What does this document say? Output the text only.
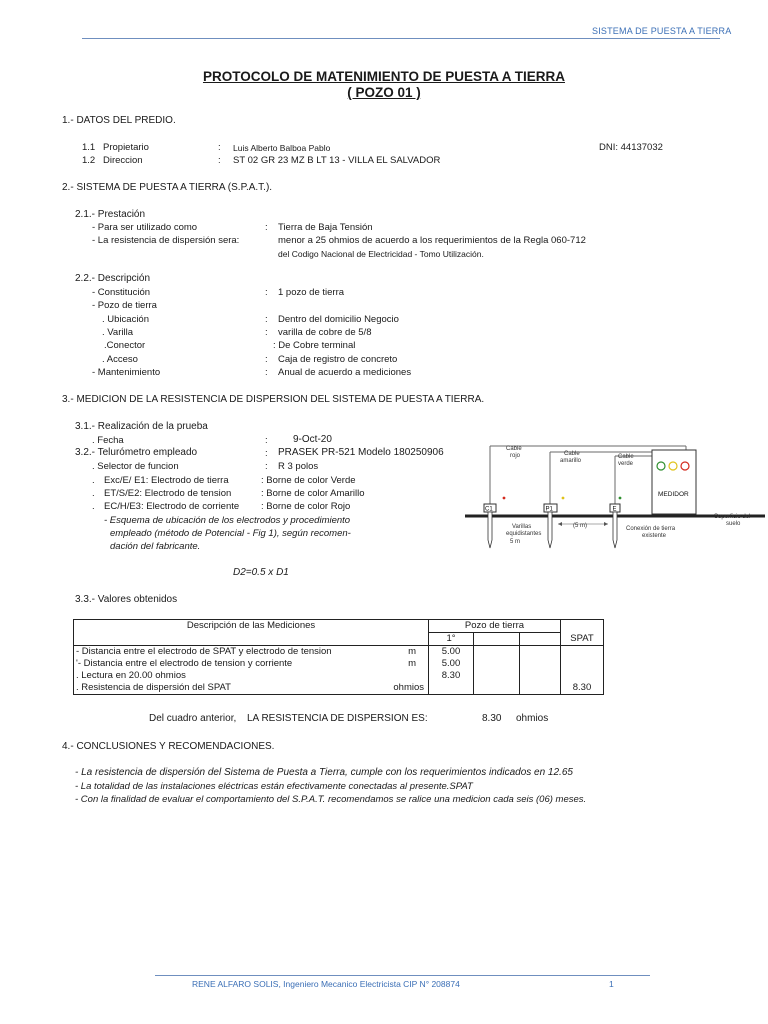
SISTEMA DE PUESTA A TIERRA
PROTOCOLO DE MATENIMIENTO DE PUESTA A TIERRA
( POZO 01 )
1.- DATOS DEL PREDIO.
1.1 Propietario	: Luis Alberto Balboa Pablo	DNI: 44137032
1.2 Direccion	: ST 02 GR 23 MZ B LT 13 - VILLA EL SALVADOR
2.- SISTEMA DE PUESTA A TIERRA (S.P.A.T.).
2.1.- Prestación
- Para ser utilizado como	: Tierra de Baja Tensión
- La resistencia de dispersión sera:	menor a 25 ohmios de acuerdo a los requerimientos de la Regla 060-712
del Codigo Nacional de Electricidad - Tomo Utilización.
2.2.- Descripción
- Constitución	: 1 pozo de tierra
- Pozo de tierra
. Ubicación	: Dentro del domicilio Negocio
. Varilla	: varilla de cobre de 5/8
.Conector	: De Cobre terminal
. Acceso	: Caja de registro de concreto
- Mantenimiento	: Anual de acuerdo a mediciones
3.- MEDICION DE LA RESISTENCIA DE DISPERSION DEL SISTEMA DE PUESTA A TIERRA.
3.1.- Realización de la prueba
. Fecha	:	9-Oct-20
3.2.- Telurómetro empleado	: PRASEK PR-521 Modelo 180250906
. Selector de funcion	: R 3 polos
. Exc/E/ E1: Electrodo de tierra	: Borne de color Verde
. ET/S/E2: Electrodo de tension	: Borne de color Amarillo
. EC/H/E3: Electrodo de corriente : Borne de color Rojo
- Esquema de ubicación de los electrodos y procedimiento
empleado (método de Potencial - Fig 1), según recomen-
dación del fabricante.
D2=0.5 x D1
3.3.- Valores obtenidos
MEDIDOR
C1	P1	E
Cable rojo	Cable amarillo
Cable verde
Superficie del suelo
Varillas equidistantes 5 m
(5 m)	Conexión de tierra existente
Descripción de las Mediciones	Pozo de tierra			SPAT
	1°			
- Distancia entre el electrodo de SPAT y electrodo de tension m	5.00			
'- Distancia entre el electrodo de tension y corriente m	5.00			
. Lectura en 20.00 ohmios	8.30			
. Resistencia de dispersión del SPAT ohmios				8.30
Del cuadro anterior, LA RESISTENCIA DE DISPERSION ES:	8.30 ohmios
4.- CONCLUSIONES Y RECOMENDACIONES.
- La resistencia de dispersión del Sistema de Puesta a Tierra, cumple con los requerimientos indicados en 12.65
- La totalidad de las instalaciones eléctricas están efectivamente conectadas al presente.SPAT
- Con la finalidad de evaluar el comportamiento del S.P.A.T. recomendamos se ralice una medicion cada seis (06) meses.
RENE ALFARO SOLIS, Ingeniero Mecanico Electricista CIP N° 208874	1
